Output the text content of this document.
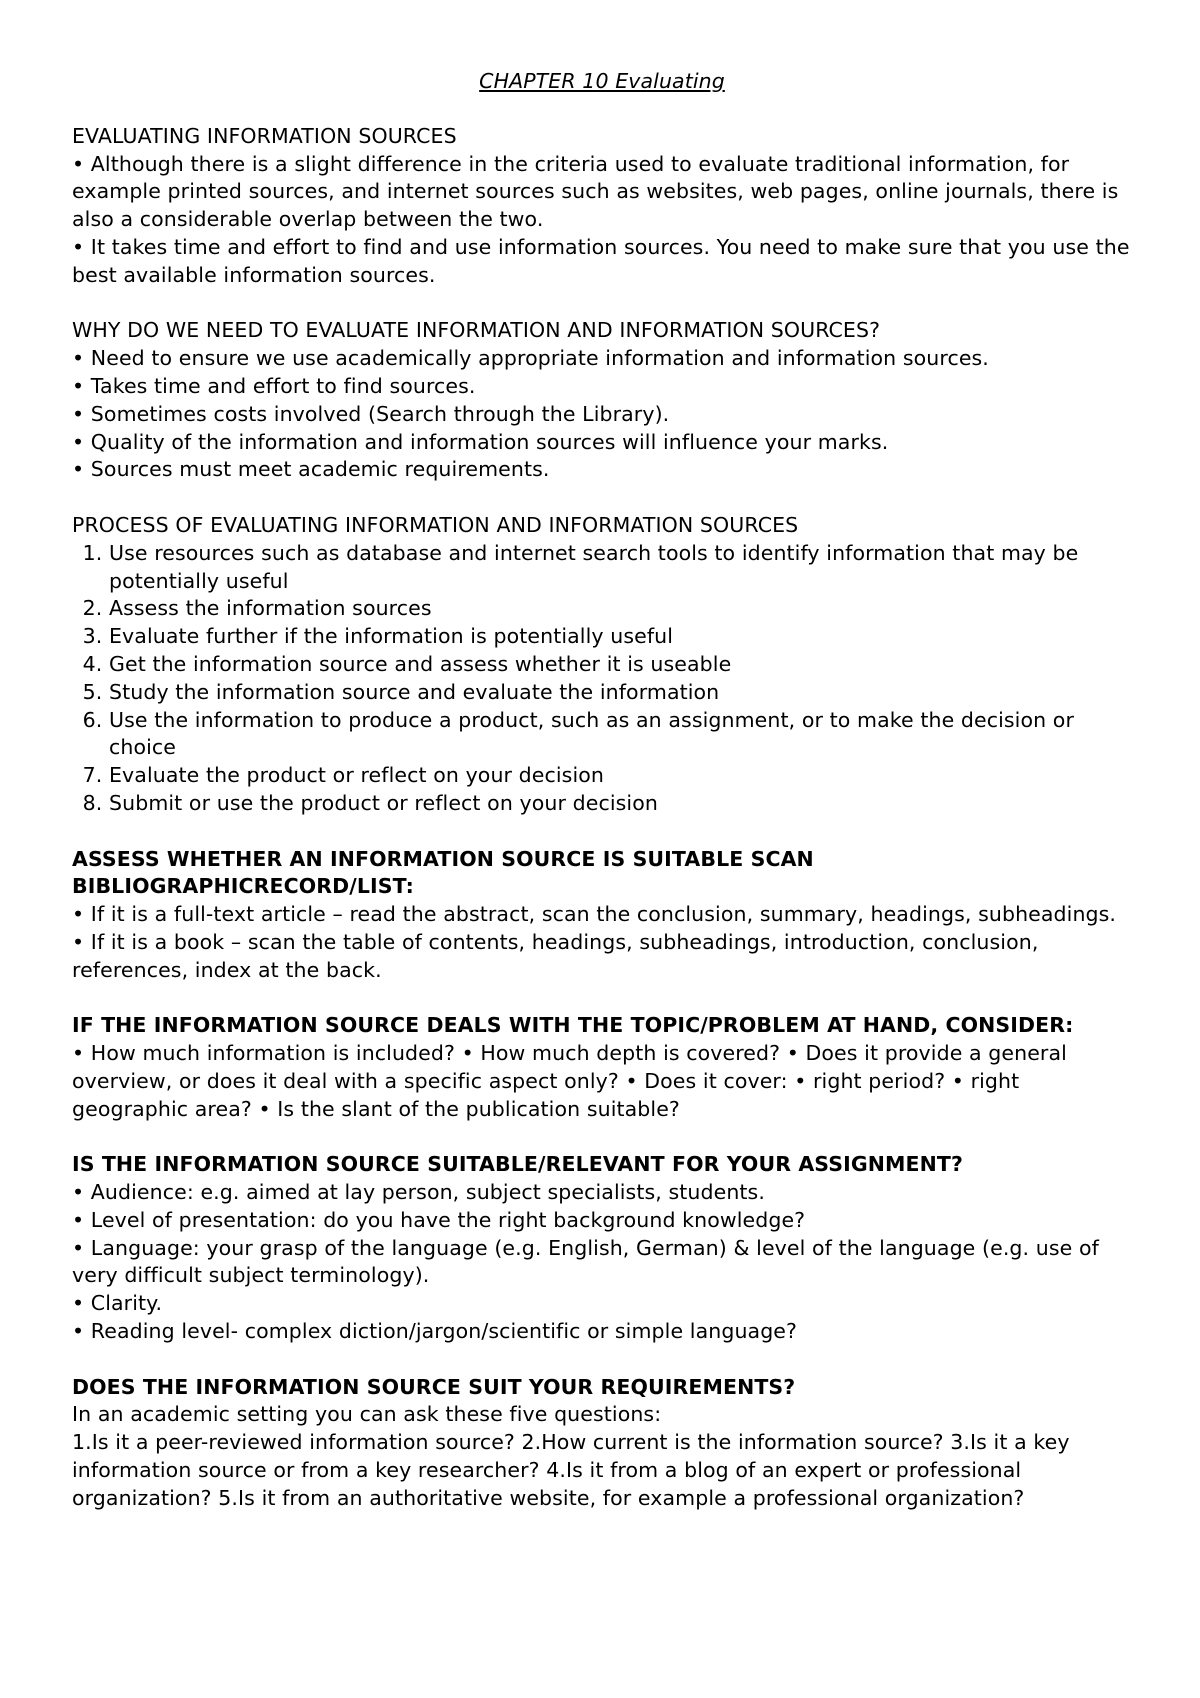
CHAPTER 10 Evaluating

EVALUATING INFORMATION SOURCES

• Although there is a slight difference in the criteria used to evaluate traditional information, for example printed sources, and internet sources such as websites, web pages, online journals, there is also a considerable overlap between the two.

• It takes time and effort to find and use information sources. You need to make sure that you use the best available information sources.

WHY DO WE NEED TO EVALUATE INFORMATION AND INFORMATION SOURCES?

• Need to ensure we use academically appropriate information and information sources.

• Takes time and effort to find sources.

• Sometimes costs involved (Search through the Library).

• Quality of the information and information sources will influence your marks.

• Sources must meet academic requirements.

PROCESS OF EVALUATING INFORMATION AND INFORMATION SOURCES

1. Use resources such as database and internet search tools to identify information that may be potentially useful
2. Assess the information sources
3. Evaluate further if the information is potentially useful
4. Get the information source and assess whether it is useable
5. Study the information source and evaluate the information
6. Use the information to produce a product, such as an assignment, or to make the decision or choice
7. Evaluate the product or reflect on your decision
8. Submit or use the product or reflect on your decision

ASSESS WHETHER AN INFORMATION SOURCE IS SUITABLE SCAN BIBLIOGRAPHICRECORD/LIST:

• If it is a full-text article – read the abstract, scan the conclusion, summary, headings, subheadings.

• If it is a book – scan the table of contents, headings, subheadings, introduction, conclusion, references, index at the back.

IF THE INFORMATION SOURCE DEALS WITH THE TOPIC/PROBLEM AT HAND, CONSIDER:

• How much information is included? • How much depth is covered? • Does it provide a general overview, or does it deal with a specific aspect only? • Does it cover: • right period? • right geographic area? • Is the slant of the publication suitable?

IS THE INFORMATION SOURCE SUITABLE/RELEVANT FOR YOUR ASSIGNMENT?

• Audience: e.g. aimed at lay person, subject specialists, students.

• Level of presentation: do you have the right background knowledge?

• Language: your grasp of the language (e.g. English, German) & level of the language (e.g. use of very difficult subject terminology).

• Clarity.

• Reading level- complex diction/jargon/scientific or simple language?

DOES THE INFORMATION SOURCE SUIT YOUR REQUIREMENTS?

In an academic setting you can ask these five questions:

1.Is it a peer-reviewed information source? 2.How current is the information source? 3.Is it a key information source or from a key researcher? 4.Is it from a blog of an expert or professional organization? 5.Is it from an authoritative website, for example a professional organization?
